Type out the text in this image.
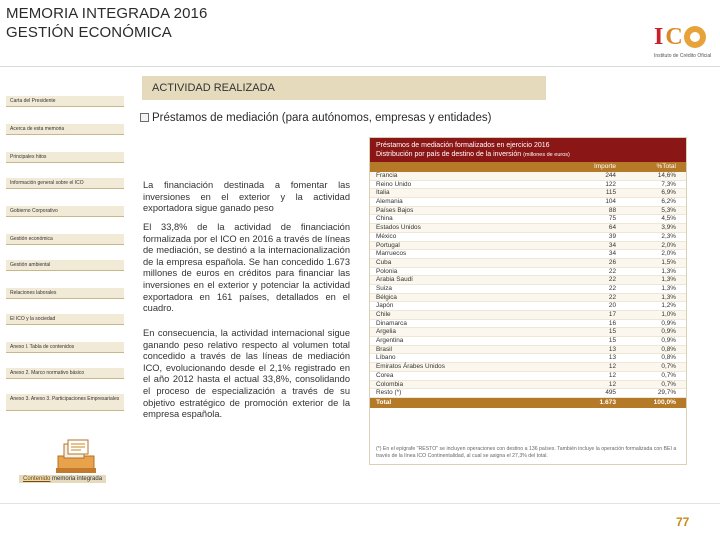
MEMORIA INTEGRADA 2016
GESTIÓN ECONÓMICA	I C
Instituto de Crédito Oficial
ACTIVIDAD REALIZADA
Carta del Presidente
Acerca de esta memoria
Principales hitos
Información general sobre el ICO
Gobierno Corporativo
Gestión económica
Gestión ambiental
Relaciones laborales
El ICO y la sociedad
Anexo I. Tabla de contenidos
Anexo 2. Marco normativo básico
Anexo 3. Anexo 3. Participaciones Empresariales
Préstamos de mediación (para autónomos, empresas y entidades)
La financiación destinada a fomentar las inversiones en el exterior y la actividad exportadora sigue ganado peso
El 33,8% de la actividad de financiación formalizada por el ICO en 2016 a través de líneas de mediación, se destinó a la internacionalización de la empresa española. Se han concedido 1.673 millones de euros en créditos para financiar las inversiones en el exterior y potenciar la actividad exportadora en 161 países, detallados en el cuadro.
En consecuencia, la actividad internacional sigue ganando peso relativo respecto al volumen total concedido a través de las líneas de mediación ICO, evolucionando desde el 2,1% registrado en el año 2012 hasta el actual 33,8%, consolidando el proceso de especialización a través de su objetivo estratégico de promoción exterior de la empresa española.
Préstamos de mediación formalizados en ejercicio 2016
Distribución por país de destino de la inversión (millones de euros)
Importe	%Total
Francia	244	14,6%
Reino Unido	122	7,3%
Italia	115	6,9%
Alemania	104	6,2%
Países Bajos	88	5,3%
China	75	4,5%
Estados Unidos	64	3,9%
México	39	2,3%
Portugal	34	2,0%
Marruecos	34	2,0%
Cuba	26	1,5%
Polonia	22	1,3%
Arabia Saudí	22	1,3%
Suiza	22	1,3%
Bélgica	22	1,3%
Japón	20	1,2%
Chile	17	1,0%
Dinamarca	16	0,9%
Argelia	15	0,9%
Argentina	15	0,9%
Brasil	13	0,8%
Líbano	13	0,8%
Emiratos Árabes Unidos	12	0,7%
Corea	12	0,7%
Colombia	12	0,7%
Resto (*)	495	29,7%
Total	1.673	100,0%
(*) En el epígrafe "RESTO" se incluyen operaciones con destino a 136 países. También incluye la operación formalizada con BEI a través de la línea ICO Continentalidad, al cual se asigna el 27,3% del total.
Contenido memoria integrada
77
